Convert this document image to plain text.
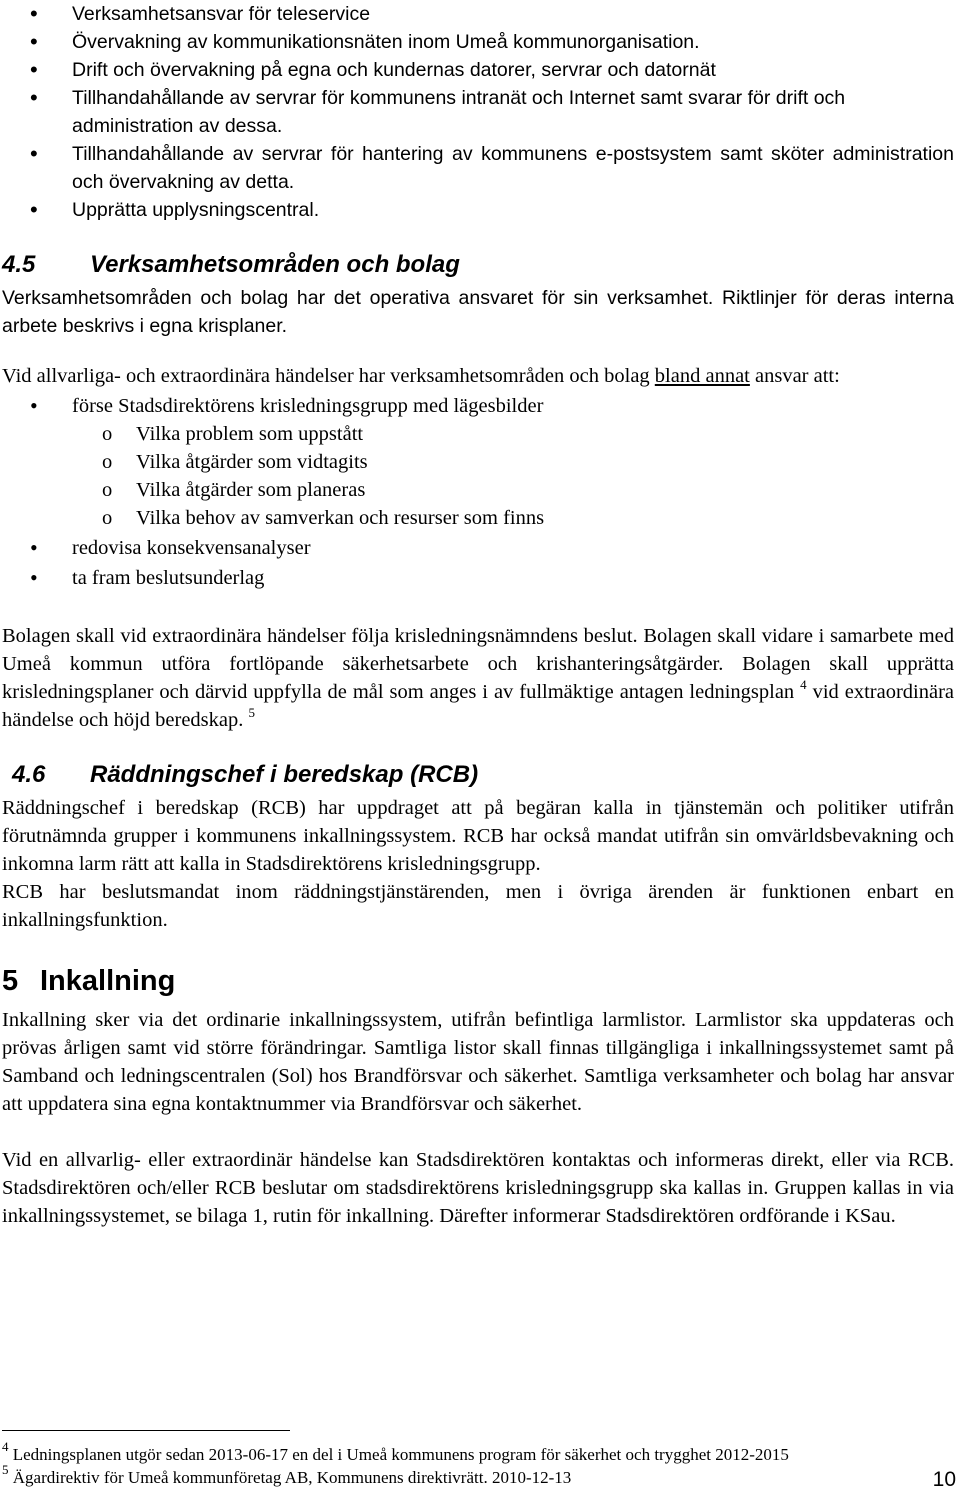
• Verksamhetsansvar för teleservice
• Övervakning av kommunikationsnäten inom Umeå kommunorganisation.
• Drift och övervakning på egna och kundernas datorer, servrar och datornät
• Tillhandahållande av servrar för kommunens intranät och Internet samt svarar för drift och administration av dessa.
• Tillhandahållande av servrar för hantering av kommunens e-postsystem samt sköter administration och övervakning av detta.
• Upprätta upplysningscentral.
4.5 Verksamhetsområden och bolag

Verksamhetsområden och bolag har det operativa ansvaret för sin verksamhet. Riktlinjer för deras interna arbete beskrivs i egna krisplaner.

Vid allvarliga- och extraordinära händelser har verksamhetsområden och bolag bland annat ansvar att:

• förse Stadsdirektörens krisledningsgrupp med lägesbilder
o Vilka problem som uppstått
o Vilka åtgärder som vidtagits
o Vilka åtgärder som planeras
o Vilka behov av samverkan och resurser som finns
• redovisa konsekvensanalyser
• ta fram beslutsunderlag

Bolagen skall vid extraordinära händelser följa krisledningsnämndens beslut. Bolagen skall vidare i samarbete med Umeå kommun utföra fortlöpande säkerhetsarbete och krishanteringsåtgärder. Bolagen skall upprätta krisledningsplaner och därvid uppfylla de mål som anges i av fullmäktige antagen ledningsplan $^4$ vid extraordinära händelse och höjd beredskap. $^5$

4.6 Räddningschef i beredskap (RCB)

Räddningschef i beredskap (RCB) har uppdraget att på begäran kalla in tjänstemän och politiker utifrån förutnämnda grupper i kommunens inkallningssystem. RCB har också mandat utifrån sin omvärldsbevakning och inkomna larm rätt att kalla in Stadsdirektörens krisledningsgrupp.

RCB har beslutsmandat inom räddningstjänstärenden, men i övriga ärenden är funktionen enbart en inkallningsfunktion.

5 Inkallning

Inkallning sker via det ordinarie inkallningssystem, utifrån befintliga larmlistor. Larmlistor ska uppdateras och prövas årligen samt vid större förändringar. Samtliga listor skall finnas tillgängliga i inkallningssystemet samt på Samband och ledningscentralen (Sol) hos Brandförsvar och säkerhet. Samtliga verksamheter och bolag har ansvar att uppdatera sina egna kontaktnummer via Brandförsvar och säkerhet.

Vid en allvarlig- eller extraordinär händelse kan Stadsdirektören kontaktas och informeras direkt, eller via RCB. Stadsdirektören och/eller RCB beslutar om stadsdirektörens krisledningsgrupp ska kallas in. Gruppen kallas in via inkallningssystemet, se bilaga 1, rutin för inkallning. Därefter informerar Stadsdirektören ordförande i KSau.

$^4$ Ledningsplanen utgör sedan 2013-06-17 en del i Umeå kommunens program för säkerhet och trygghet 2012-2015

$^5$ Ägardirektiv för Umeå kommunföretag AB, Kommunens direktivrätt. 2010-12-13	10
